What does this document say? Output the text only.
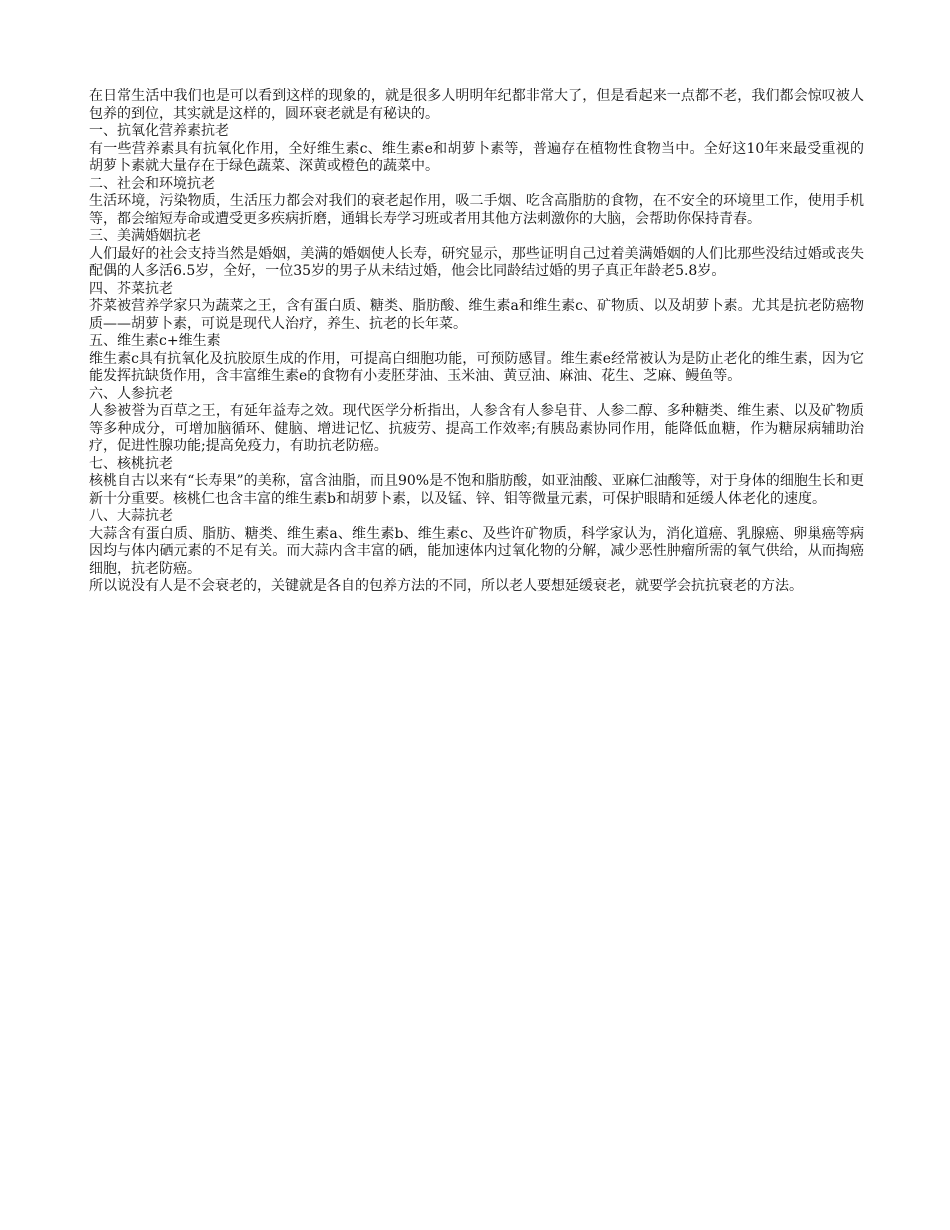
在日常生活中我们也是可以看到这样的现象的，就是很多人明明年纪都非常大了，但是看起来一点都不老，我们都会惊叹被人包养的到位，其实就是这样的，圆环衰老就是有秘诀的。

一、抗氧化营养素抗老

有一些营养素具有抗氧化作用，全好维生素c、维生素e和胡萝卜素等，普遍存在植物性食物当中。全好这10年来最受重视的胡萝卜素就大量存在于绿色蔬菜、深黄或橙色的蔬菜中。

二、社会和环境抗老

生活环境，污染物质，生活压力都会对我们的衰老起作用，吸二手烟、吃含高脂肪的食物，在不安全的环境里工作，使用手机等，都会缩短寿命或遭受更多疾病折磨，通辑长寿学习班或者用其他方法刺激你的大脑，会帮助你保持青春。

三、美满婚姻抗老

人们最好的社会支持当然是婚姻，美满的婚姻使人长寿，研究显示，那些证明自己过着美满婚姻的人们比那些没结过婚或丧失配偶的人多活6.5岁，全好，一位35岁的男子从未结过婚，他会比同龄结过婚的男子真正年龄老5.8岁。

四、芥菜抗老

芥菜被营养学家只为蔬菜之王，含有蛋白质、糖类、脂肪酸、维生素a和维生素c、矿物质、以及胡萝卜素。尤其是抗老防癌物质——胡萝卜素，可说是现代人治疗，养生、抗老的长年菜。

五、维生素c+维生素

维生素c具有抗氧化及抗胶原生成的作用，可提高白细胞功能，可预防感冒。维生素e经常被认为是防止老化的维生素，因为它能发挥抗缺货作用，含丰富维生素e的食物有小麦胚芽油、玉米油、黄豆油、麻油、花生、芝麻、鳗鱼等。

六、人参抗老

人参被誉为百草之王，有延年益寿之效。现代医学分析指出，人参含有人参皂苷、人参二醇、多种糖类、维生素、以及矿物质等多种成分，可增加脑循环、健脑、增进记忆、抗疲劳、提高工作效率;有胰岛素协同作用，能降低血糖，作为糖尿病辅助治疗，促进性腺功能;提高免疫力，有助抗老防癌。

七、核桃抗老

核桃自古以来有“长寿果”的美称，富含油脂，而且90%是不饱和脂肪酸，如亚油酸、亚麻仁油酸等，对于身体的细胞生长和更新十分重要。核桃仁也含丰富的维生素b和胡萝卜素，以及锰、锌、钼等微量元素，可保护眼睛和延缓人体老化的速度。

八、大蒜抗老

大蒜含有蛋白质、脂肪、糖类、维生素a、维生素b、维生素c、及些许矿物质，科学家认为，消化道癌、乳腺癌、卵巢癌等病因均与体内硒元素的不足有关。而大蒜内含丰富的硒，能加速体内过氧化物的分解，减少恶性肿瘤所需的氧气供给，从而掏癌细胞，抗老防癌。

所以说没有人是不会衰老的，关键就是各自的包养方法的不同，所以老人要想延缓衰老，就要学会抗抗衰老的方法。
